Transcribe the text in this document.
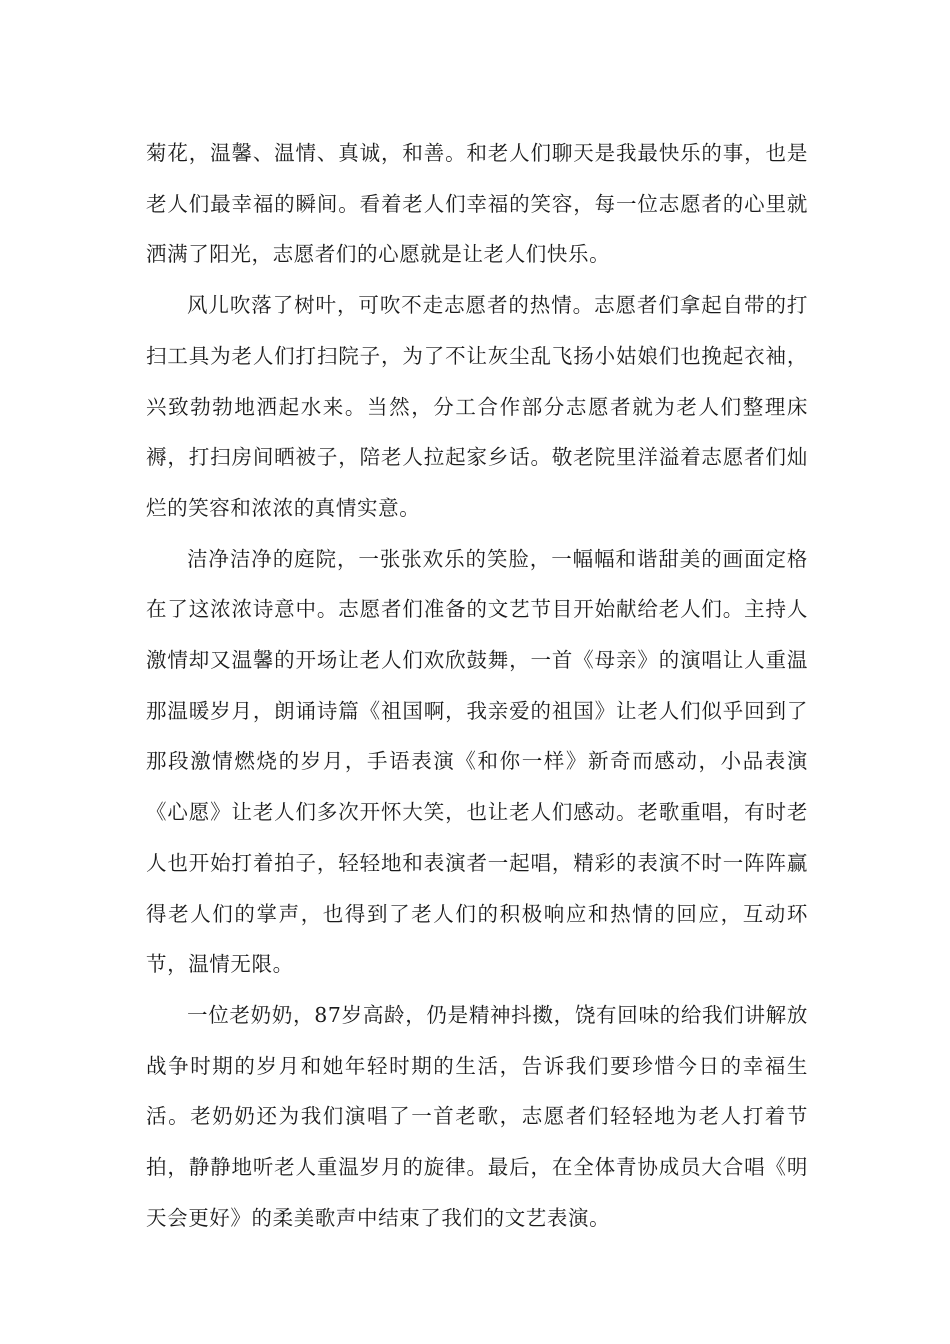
菊花，温馨、温情、真诚，和善。和老人们聊天是我最快乐的事，也是老人们最幸福的瞬间。看着老人们幸福的笑容，每一位志愿者的心里就洒满了阳光，志愿者们的心愿就是让老人们快乐。

风儿吹落了树叶，可吹不走志愿者的热情。志愿者们拿起自带的打扫工具为老人们打扫院子，为了不让灰尘乱飞扬小姑娘们也挽起衣袖，兴致勃勃地洒起水来。当然，分工合作部分志愿者就为老人们整理床褥，打扫房间晒被子，陪老人拉起家乡话。敬老院里洋溢着志愿者们灿烂的笑容和浓浓的真情实意。

洁净洁净的庭院，一张张欢乐的笑脸，一幅幅和谐甜美的画面定格在了这浓浓诗意中。志愿者们准备的文艺节目开始献给老人们。主持人激情却又温馨的开场让老人们欢欣鼓舞，一首《母亲》的演唱让人重温那温暖岁月，朗诵诗篇《祖国啊，我亲爱的祖国》让老人们似乎回到了那段激情燃烧的岁月，手语表演《和你一样》新奇而感动，小品表演《心愿》让老人们多次开怀大笑，也让老人们感动。老歌重唱，有时老人也开始打着拍子，轻轻地和表演者一起唱，精彩的表演不时一阵阵赢得老人们的掌声，也得到了老人们的积极响应和热情的回应，互动环节，温情无限。

一位老奶奶，87岁高龄，仍是精神抖擞，饶有回味的给我们讲解放战争时期的岁月和她年轻时期的生活，告诉我们要珍惜今日的幸福生活。老奶奶还为我们演唱了一首老歌，志愿者们轻轻地为老人打着节拍，静静地听老人重温岁月的旋律。最后，在全体青协成员大合唱《明天会更好》的柔美歌声中结束了我们的文艺表演。
